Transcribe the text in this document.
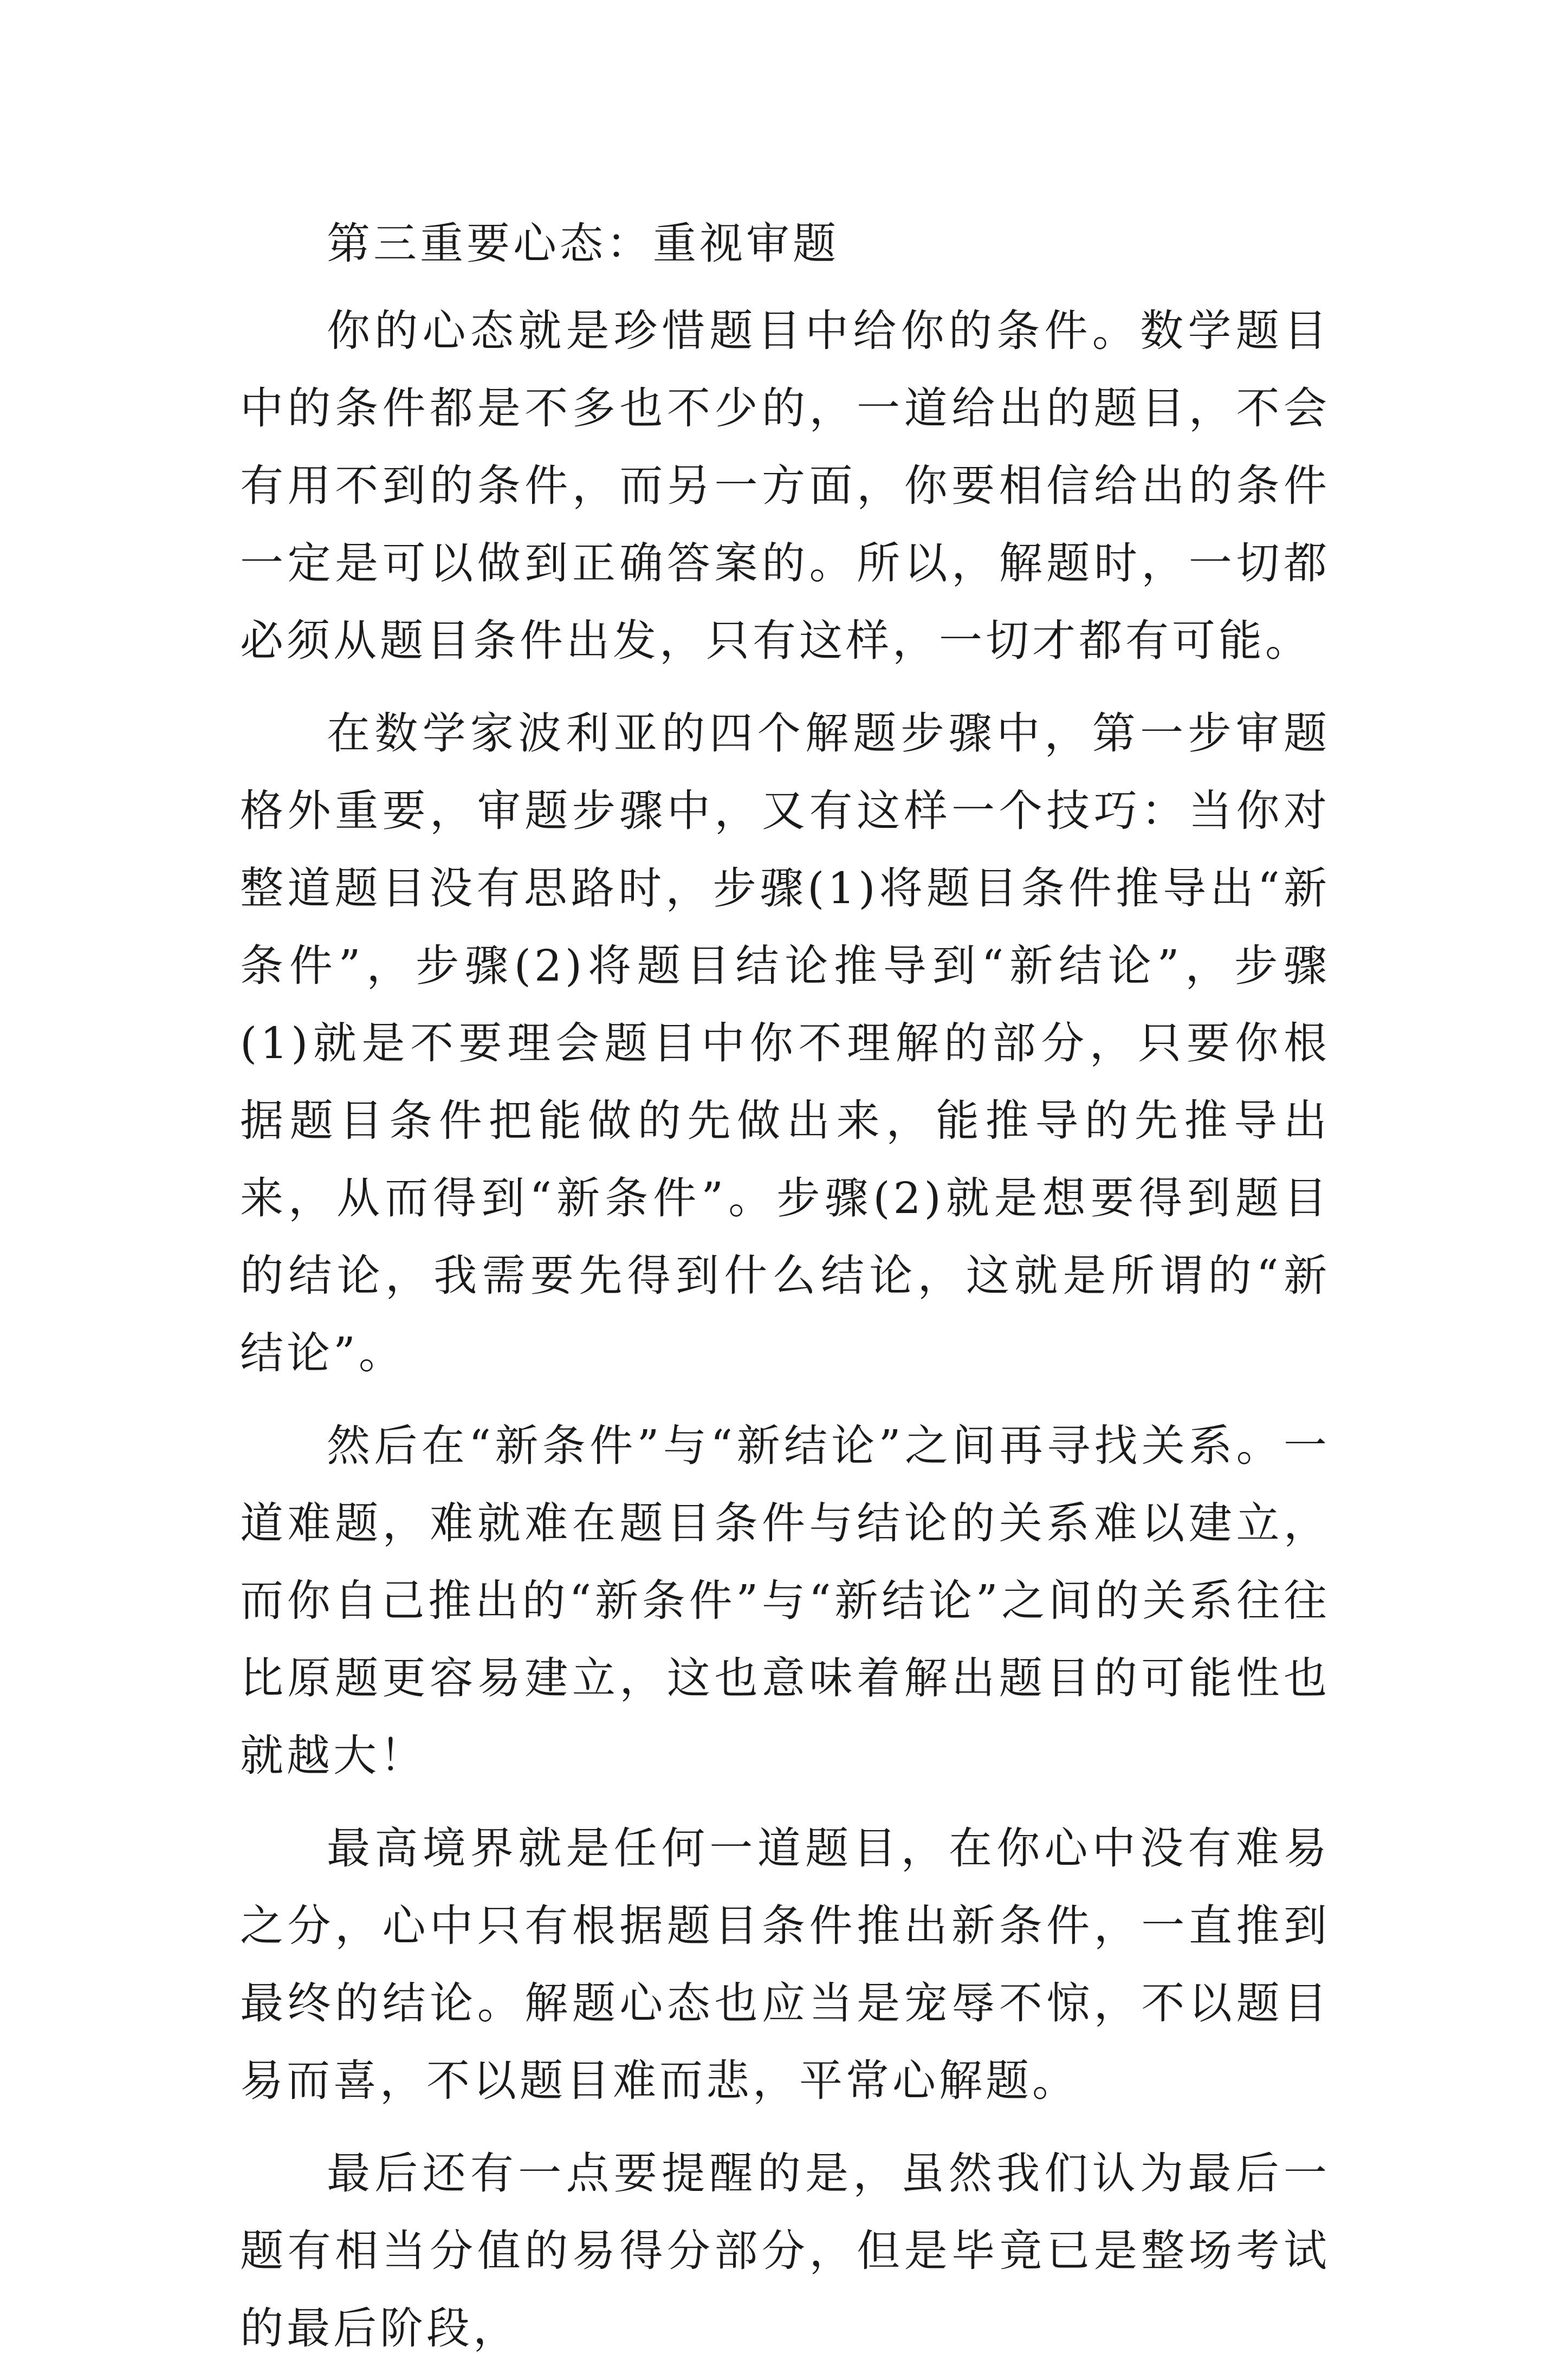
第三重要心态：重视审题

你的心态就是珍惜题目中给你的条件。数学题目中的条件都是不多也不少的，一道给出的题目，不会有用不到的条件，而另一方面，你要相信给出的条件一定是可以做到正确答案的。所以，解题时，一切都必须从题目条件出发，只有这样，一切才都有可能。

在数学家波利亚的四个解题步骤中，第一步审题格外重要，审题步骤中，又有这样一个技巧：当你对整道题目没有思路时，步骤(1)将题目条件推导出“新条件”，步骤(2)将题目结论推导到“新结论”，步骤(1)就是不要理会题目中你不理解的部分，只要你根据题目条件把能做的先做出来，能推导的先推导出来，从而得到“新条件”。步骤(2)就是想要得到题目的结论，我需要先得到什么结论，这就是所谓的“新结论”。

然后在“新条件”与“新结论”之间再寻找关系。一道难题，难就难在题目条件与结论的关系难以建立，而你自己推出的“新条件”与“新结论”之间的关系往往比原题更容易建立，这也意味着解出题目的可能性也就越大！

最高境界就是任何一道题目，在你心中没有难易之分，心中只有根据题目条件推出新条件，一直推到最终的结论。解题心态也应当是宠辱不惊，不以题目易而喜，不以题目难而悲，平常心解题。

最后还有一点要提醒的是，虽然我们认为最后一题有相当分值的易得分部分，但是毕竟已是整场考试的最后阶段，
